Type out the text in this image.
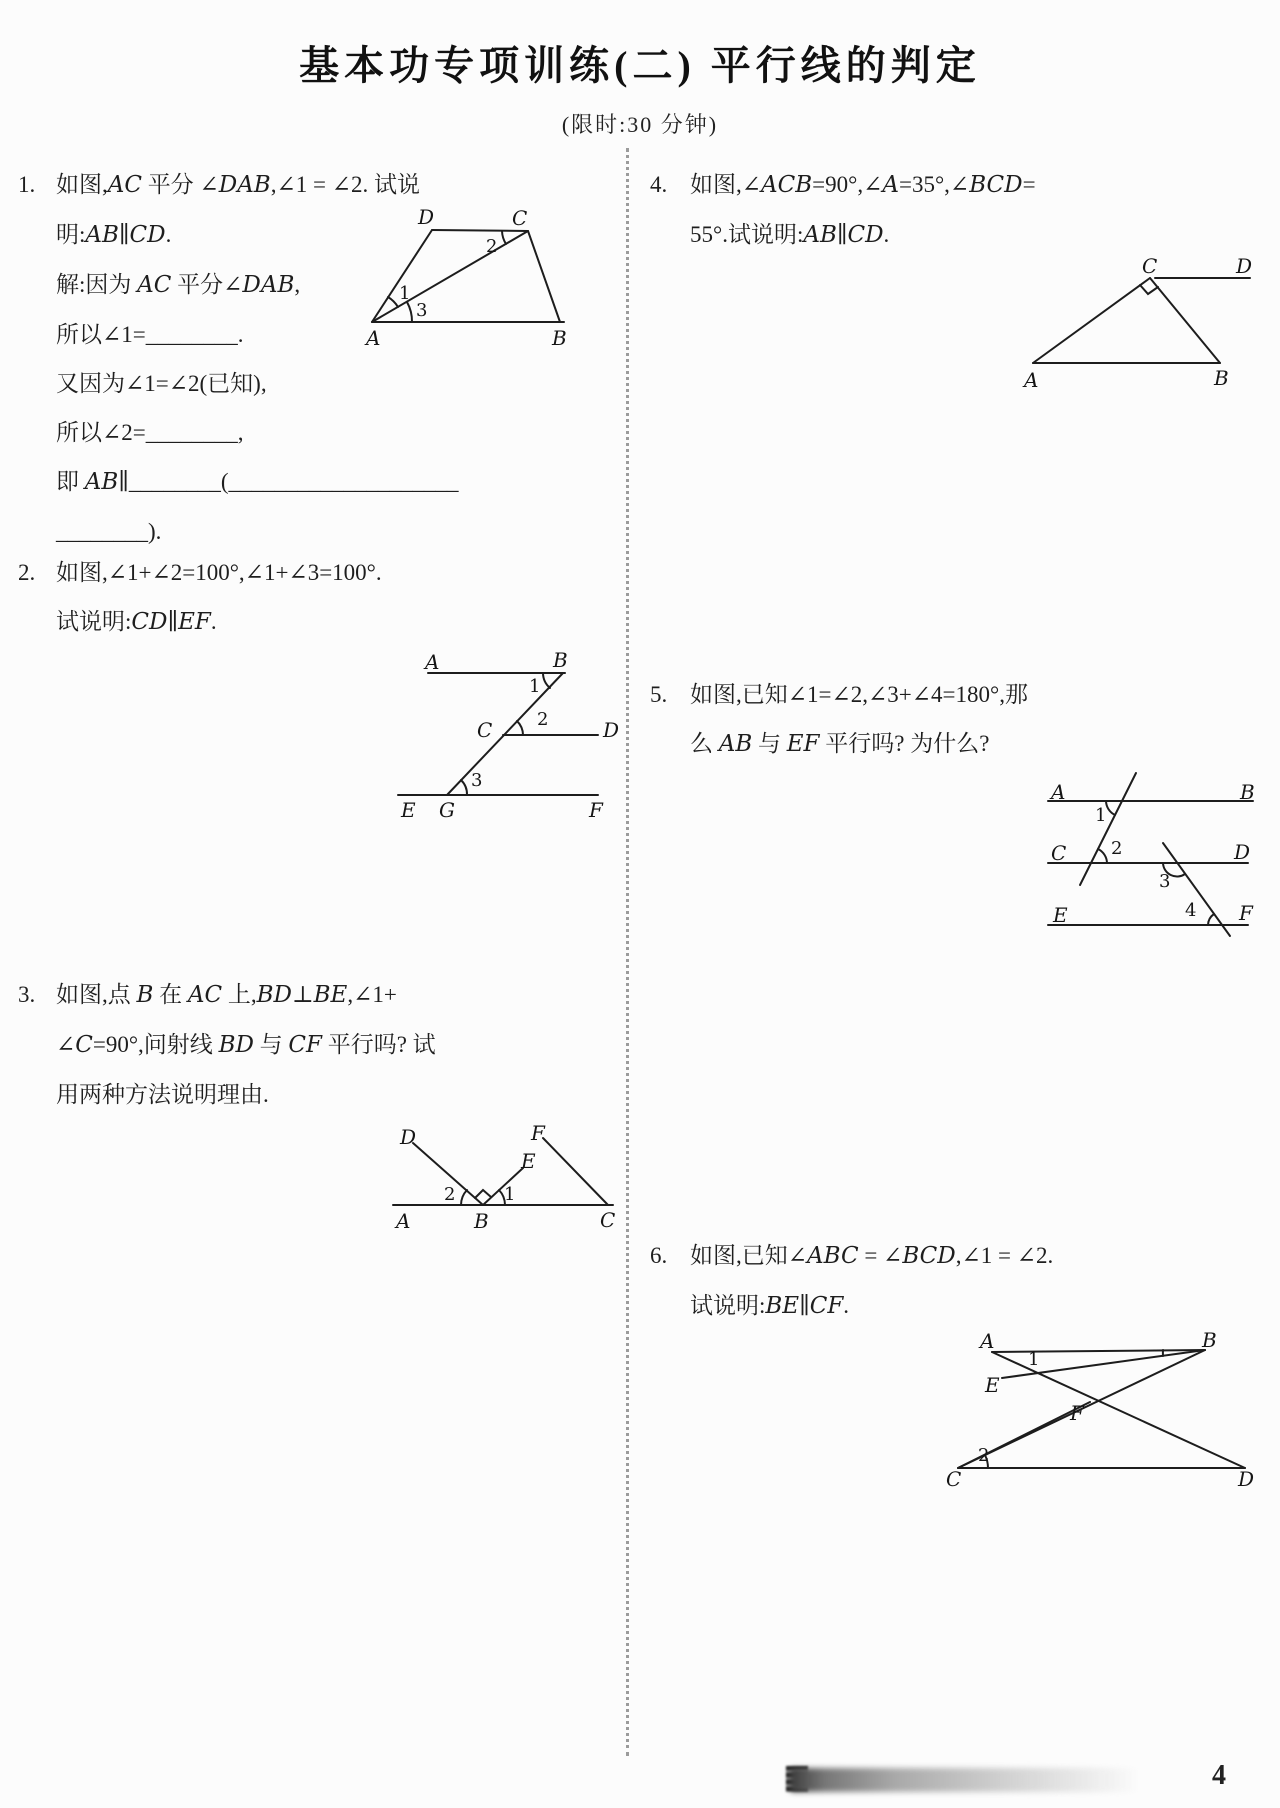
基本功专项训练(二) 平行线的判定
(限时:30 分钟)
1. 如图,AC 平分 ∠DAB,∠1 = ∠2. 试说
明:AB∥CD.
解:因为 AC 平分∠DAB,
所以∠1=________.
又因为∠1=∠2(已知),
所以∠2=________,
即 AB∥________(____________________
________).
D	C
A	B
1
2
3
2. 如图,∠1+∠2=100°,∠1+∠3=100°.
试说明:CD∥EF.
A	B
C	D
E G	F
1
2
3
3. 如图,点 B 在 AC 上,BD⊥BE,∠1+
∠C=90°,问射线 BD 与 CF 平行吗? 试
用两种方法说明理由.
D	F
E
A	B	C
2	1
4. 如图,∠ACB=90°,∠A=35°,∠BCD=
55°.试说明:AB∥CD.
C	D
A	B
5. 如图,已知∠1=∠2,∠3+∠4=180°,那
么 AB 与 EF 平行吗? 为什么?
A	B
C	D
E	F
1
2
3
4
6. 如图,已知∠ABC = ∠BCD,∠1 = ∠2.
试说明:BE∥CF.
A	B
C	D
E
F
1
2
4
